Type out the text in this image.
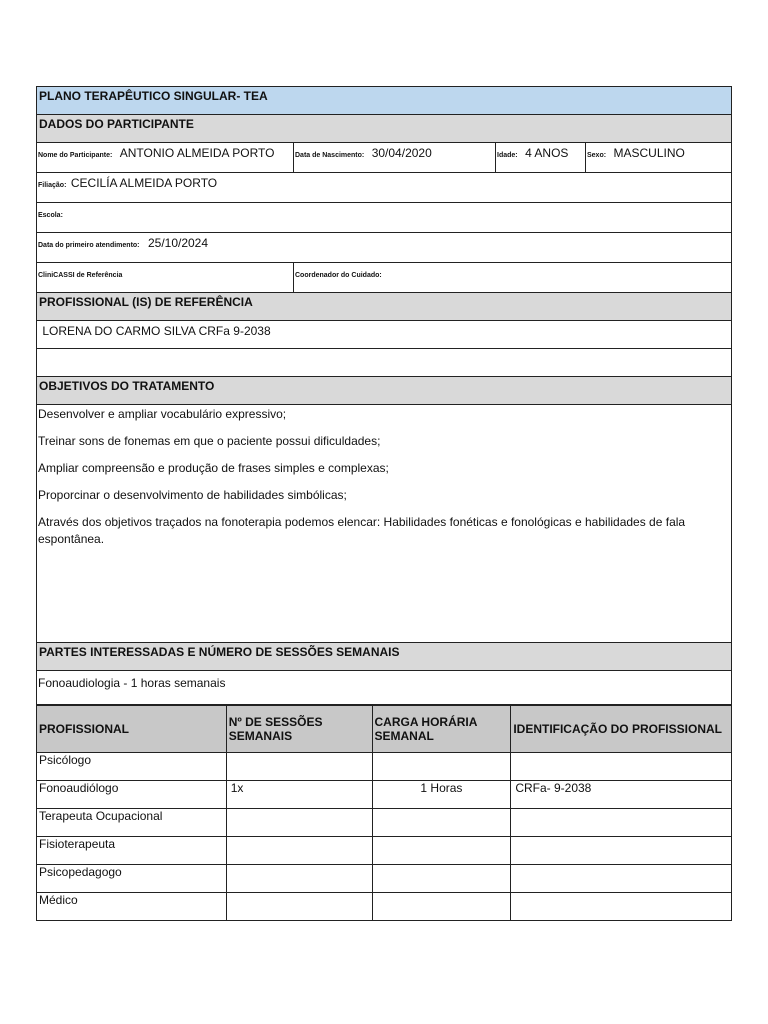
PLANO TERAPÊUTICO SINGULAR- TEA
DADOS DO PARTICIPANTE
Nome do Participante: ANTONIO ALMEIDA PORTO	Data de Nascimento: 30/04/2020	Idade: 4 ANOS	Sexo: MASCULINO
Filiação: CECILÍA ALMEIDA PORTO
Escola:
Data do primeiro atendimento: 25/10/2024
CliniCASSI de Referência	Coordenador do Cuidado:
PROFISSIONAL (IS) DE REFERÊNCIA
LORENA DO CARMO SILVA CRFa 9-2038
OBJETIVOS DO TRATAMENTO

Desenvolver e ampliar vocabulário expressivo;

Treinar sons de fonemas em que o paciente possui dificuldades;

Ampliar compreensão e produção de frases simples e complexas;

Proporcinar o desenvolvimento de habilidades simbólicas;

Através dos objetivos traçados na fonoterapia podemos elencar: Habilidades fonéticas e fonológicas e habilidades de fala espontânea.

PARTES INTERESSADAS E NÚMERO DE SESSÕES SEMANAIS
Fonoaudiologia - 1 horas semanais
PROFISSIONAL	Nº DE SESSÕES SEMANAIS	CARGA HORÁRIA SEMANAL	IDENTIFICAÇÃO DO PROFISSIONAL
Psicólogo			
Fonoaudiólogo	1x	1 Horas	CRFa- 9-2038
Terapeuta Ocupacional			
Fisioterapeuta			
Psicopedagogo			
Médico			
